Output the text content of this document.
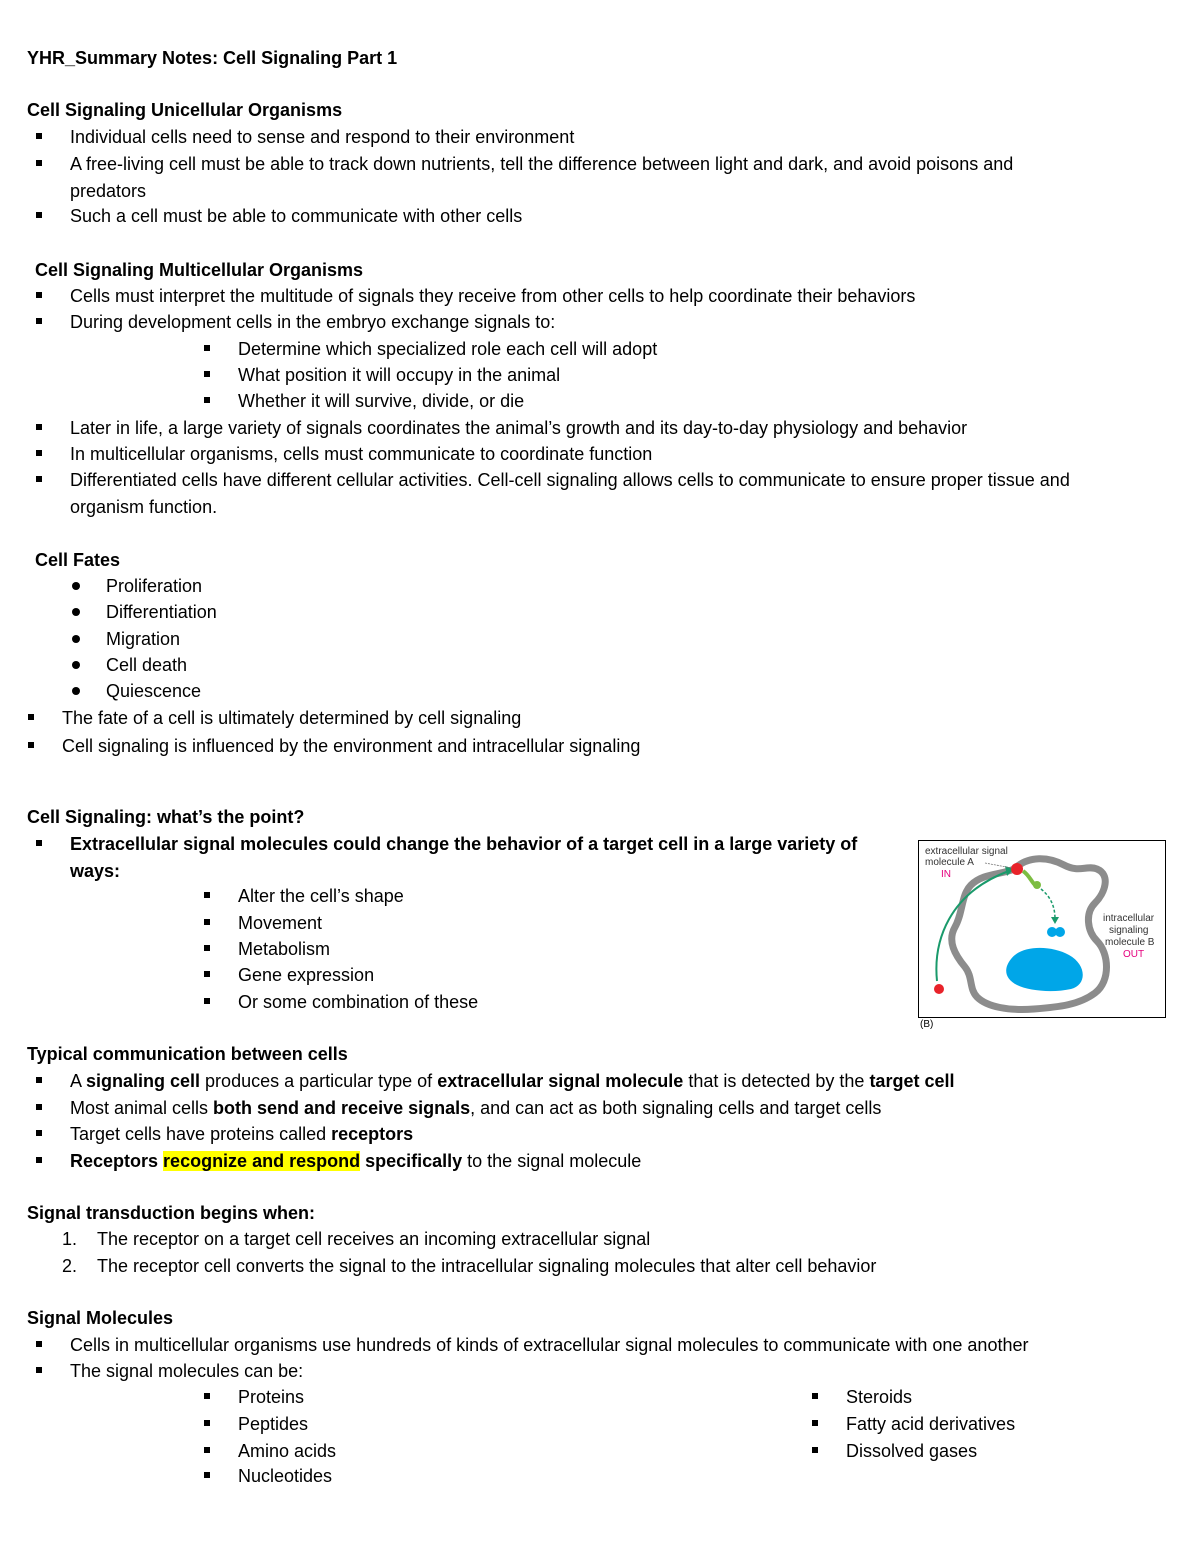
YHR_Summary Notes: Cell Signaling Part 1
Cell Signaling Unicellular Organisms
Individual cells need to sense and respond to their environment
A free-living cell must be able to track down nutrients, tell the difference between light and dark, and avoid poisons and
predators
Such a cell must be able to communicate with other cells
Cell Signaling Multicellular Organisms
Cells must interpret the multitude of signals they receive from other cells to help coordinate their behaviors
During development cells in the embryo exchange signals to:
Determine which specialized role each cell will adopt
What position it will occupy in the animal
Whether it will survive, divide, or die
Later in life, a large variety of signals coordinates the animal’s growth and its day-to-day physiology and behavior
In multicellular organisms, cells must communicate to coordinate function
Differentiated cells have different cellular activities. Cell-cell signaling allows cells to communicate to ensure proper tissue and
organism function.
Cell Fates
Proliferation
Differentiation
Migration
Cell death
Quiescence
The fate of a cell is ultimately determined by cell signaling
Cell signaling is influenced by the environment and intracellular signaling
Cell Signaling: what’s the point?
Extracellular signal molecules could change the behavior of a target cell in a large variety of
ways:
Alter the cell’s shape
Movement
Metabolism
Gene expression
Or some combination of these
extracellular signal
molecule A
IN
intracellular
signaling
molecule B
OUT
(B)
Typical communication between cells
A signaling cell produces a particular type of extracellular signal molecule that is detected by the target cell
Most animal cells both send and receive signals, and can act as both signaling cells and target cells
Target cells have proteins called receptors
Receptors recognize and respond specifically to the signal molecule
Signal transduction begins when:
1. The receptor on a target cell receives an incoming extracellular signal
2. The receptor cell converts the signal to the intracellular signaling molecules that alter cell behavior
Signal Molecules
Cells in multicellular organisms use hundreds of kinds of extracellular signal molecules to communicate with one another
The signal molecules can be:
Proteins
Peptides
Amino acids
Nucleotides
Steroids
Fatty acid derivatives
Dissolved gases
